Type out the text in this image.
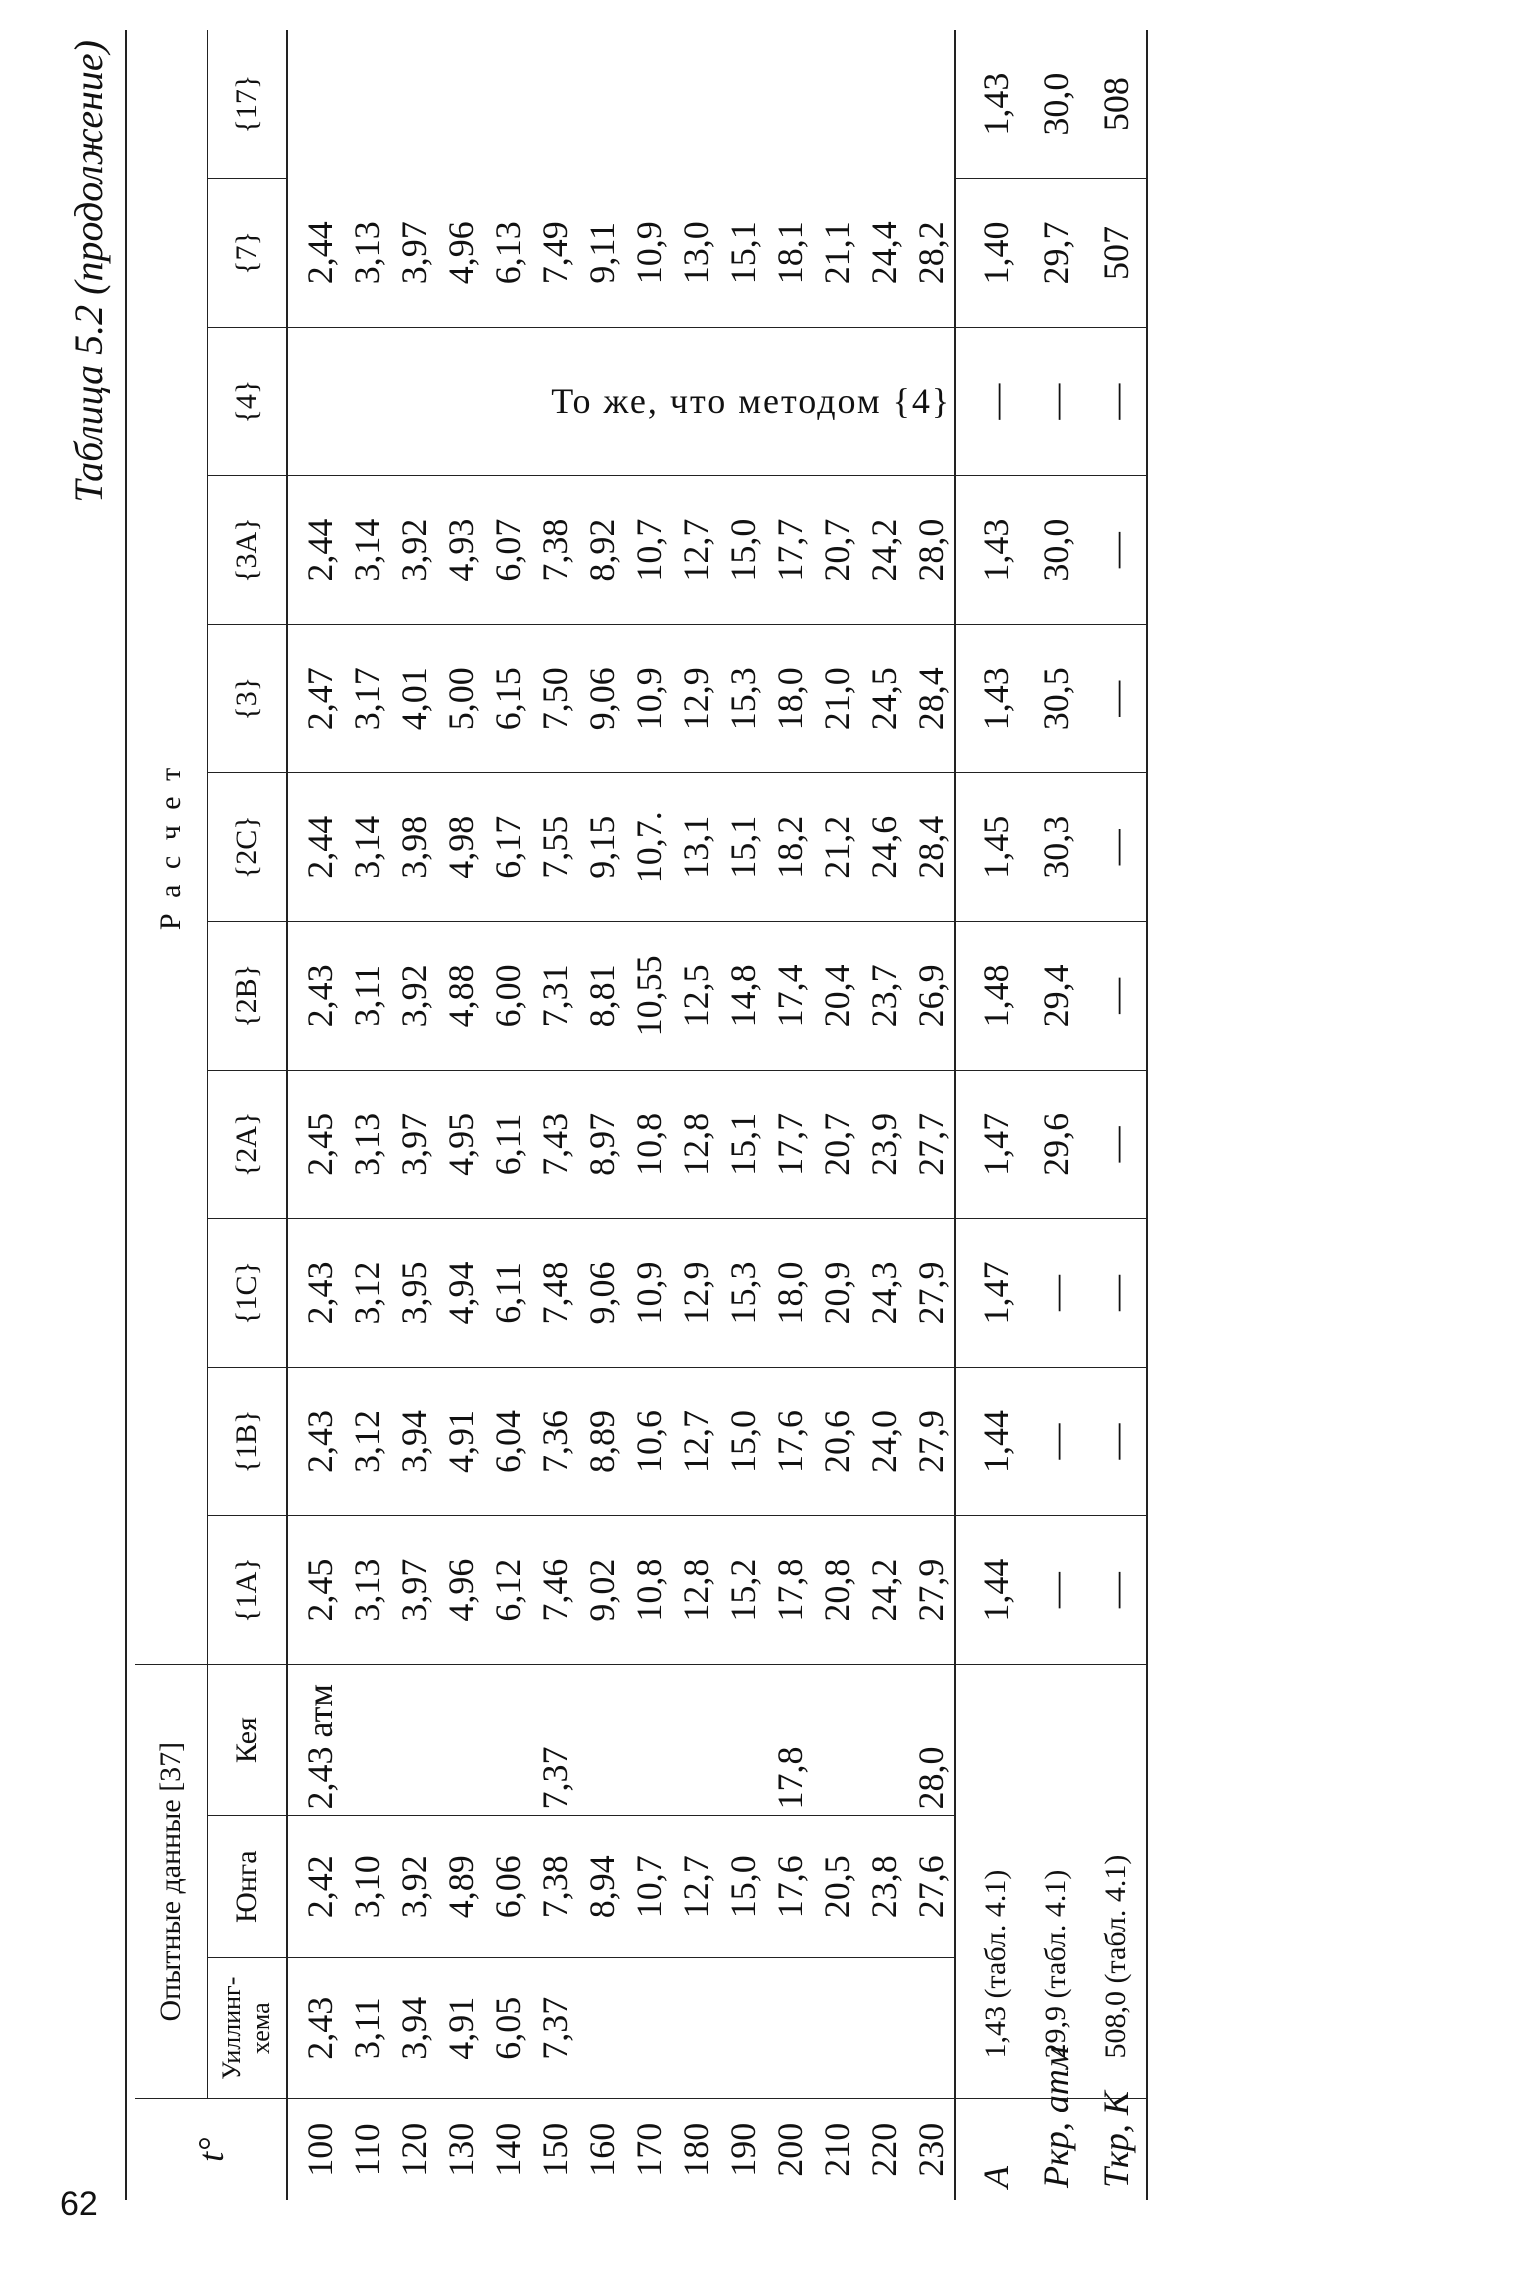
62
Таблица 5.2 (продолжение)
t°	Опытные данные [37]			Р а с ч е т										
	Уиллинг-хема	Юнга	Кея	{1A}	{1B}	{1C}	{2A}	{2B}	{2C}	{3}	{3A}	{4}	{7}	{17}
100	2,43	2,42	2,43 атм	2,45	2,43	2,43	2,45	2,43	2,44	2,47	2,44	То же, что методом {4}	2,44	
110	3,11	3,10		3,13	3,12	3,12	3,13	3,11	3,14	3,17	3,14		3,13	
120	3,94	3,92		3,97	3,94	3,95	3,97	3,92	3,98	4,01	3,92		3,97	
130	4,91	4,89		4,96	4,91	4,94	4,95	4,88	4,98	5,00	4,93		4,96	
140	6,05	6,06		6,12	6,04	6,11	6,11	6,00	6,17	6,15	6,07		6,13	
150	7,37	7,38	7,37	7,46	7,36	7,48	7,43	7,31	7,55	7,50	7,38		7,49	
160		8,94		9,02	8,89	9,06	8,97	8,81	9,15	9,06	8,92		9,11	
170		10,7		10,8	10,6	10,9	10,8	10,55	10,7.	10,9	10,7		10,9	
180		12,7		12,8	12,7	12,9	12,8	12,5	13,1	12,9	12,7		13,0	
190		15,0		15,2	15,0	15,3	15,1	14,8	15,1	15,3	15,0		15,1	
200		17,6	17,8	17,8	17,6	18,0	17,7	17,4	18,2	18,0	17,7		18,1	
210		20,5		20,8	20,6	20,9	20,7	20,4	21,2	21,0	20,7		21,1	
220		23,8		24,2	24,0	24,3	23,9	23,7	24,6	24,5	24,2		24,4	
230		27,6	28,0	27,9	27,9	27,9	27,7	26,9	28,4	28,4	28,0		28,2	
A	1,43 (табл. 4.1)			1,44	1,44	1,47	1,47	1,48	1,45	1,43	1,43	—	1,40	1,43
Pкр, атм	29,9 (табл. 4.1)			—	—	—	29,6	29,4	30,3	30,5	30,0	—	29,7	30,0
Tкр, K	508,0 (табл. 4.1)			—	—	—	—	—	—	—	—	—	507	508
